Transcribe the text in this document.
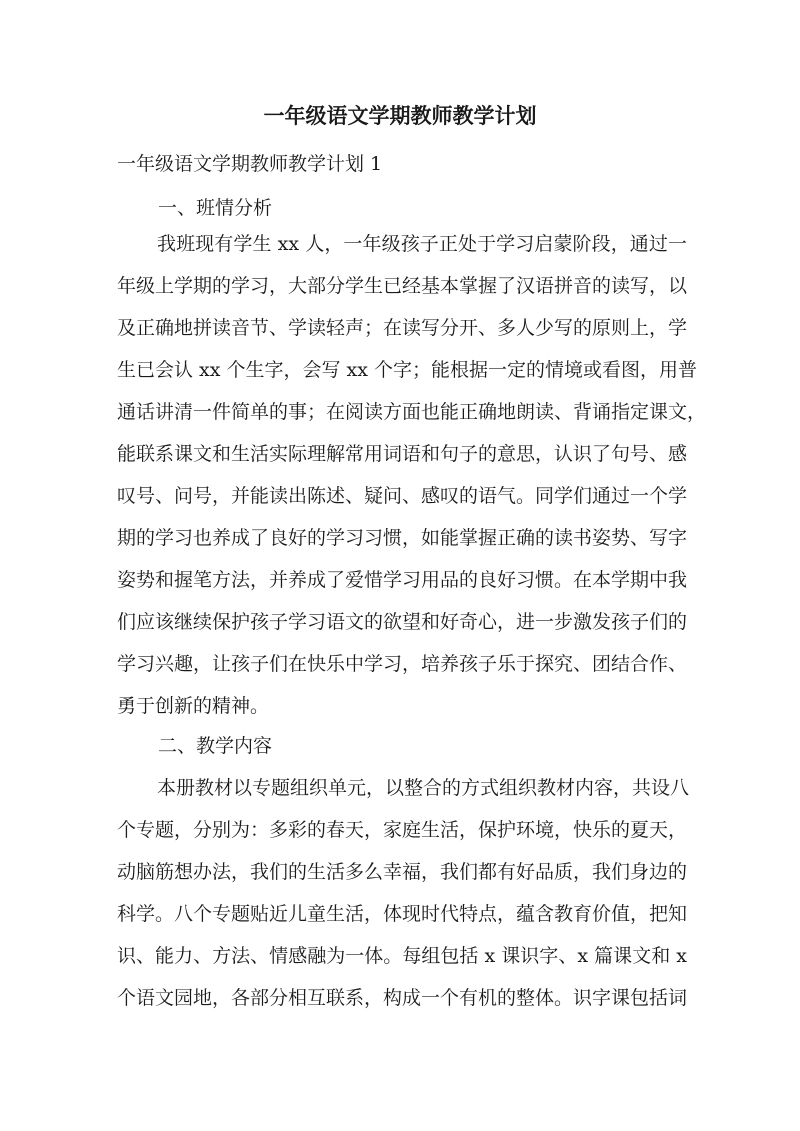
一年级语文学期教师教学计划

一年级语文学期教师教学计划 1

一、班情分析

我班现有学生 xx 人，一年级孩子正处于学习启蒙阶段，通过一
年级上学期的学习，大部分学生已经基本掌握了汉语拼音的读写，以
及正确地拼读音节、学读轻声；在读写分开、多人少写的原则上，学
生已会认 xx 个生字，会写 xx 个字；能根据一定的情境或看图，用普
通话讲清一件简单的事；在阅读方面也能正确地朗读、背诵指定课文，
能联系课文和生活实际理解常用词语和句子的意思，认识了句号、感
叹号、问号，并能读出陈述、疑问、感叹的语气。同学们通过一个学
期的学习也养成了良好的学习习惯，如能掌握正确的读书姿势、写字
姿势和握笔方法，并养成了爱惜学习用品的良好习惯。在本学期中我
们应该继续保护孩子学习语文的欲望和好奇心，进一步激发孩子们的
学习兴趣，让孩子们在快乐中学习，培养孩子乐于探究、团结合作、
勇于创新的精神。

二、教学内容

本册教材以专题组织单元，以整合的方式组织教材内容，共设八
个专题，分别为：多彩的春天，家庭生活，保护环境，快乐的夏天，
动脑筋想办法，我们的生活多么幸福，我们都有好品质，我们身边的
科学。八个专题贴近儿童生活，体现时代特点，蕴含教育价值，把知
识、能力、方法、情感融为一体。每组包括 x 课识字、x 篇课文和 x
个语文园地，各部分相互联系，构成一个有机的整体。识字课包括词
